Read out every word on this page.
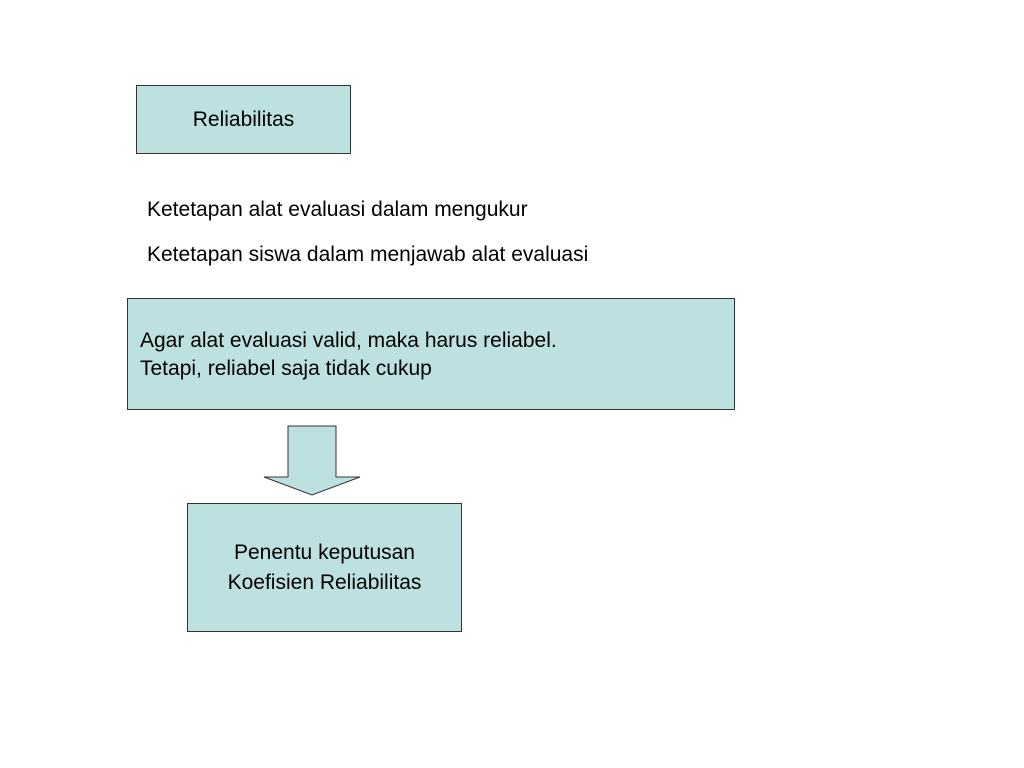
Reliabilitas
Ketetapan alat evaluasi dalam mengukur
Ketetapan siswa dalam menjawab alat evaluasi
Agar alat evaluasi valid, maka harus reliabel.
Tetapi, reliabel saja tidak cukup
Penentu keputusan
Koefisien Reliabilitas
